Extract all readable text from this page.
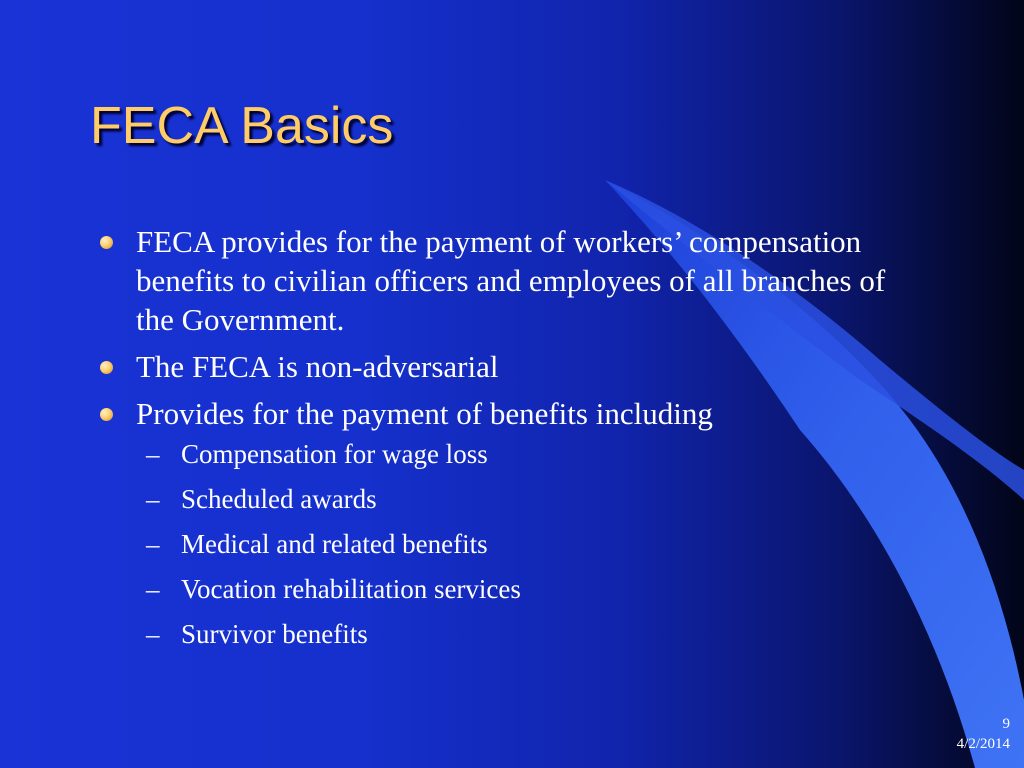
FECA Basics
FECA provides for the payment of workers’ compensation benefits to civilian officers and employees of all branches of the Government.
The FECA is non-adversarial
Provides for the payment of benefits including
– Compensation for wage loss
– Scheduled awards
– Medical and related benefits
– Vocation rehabilitation services
– Survivor benefits
9
4/2/2014
